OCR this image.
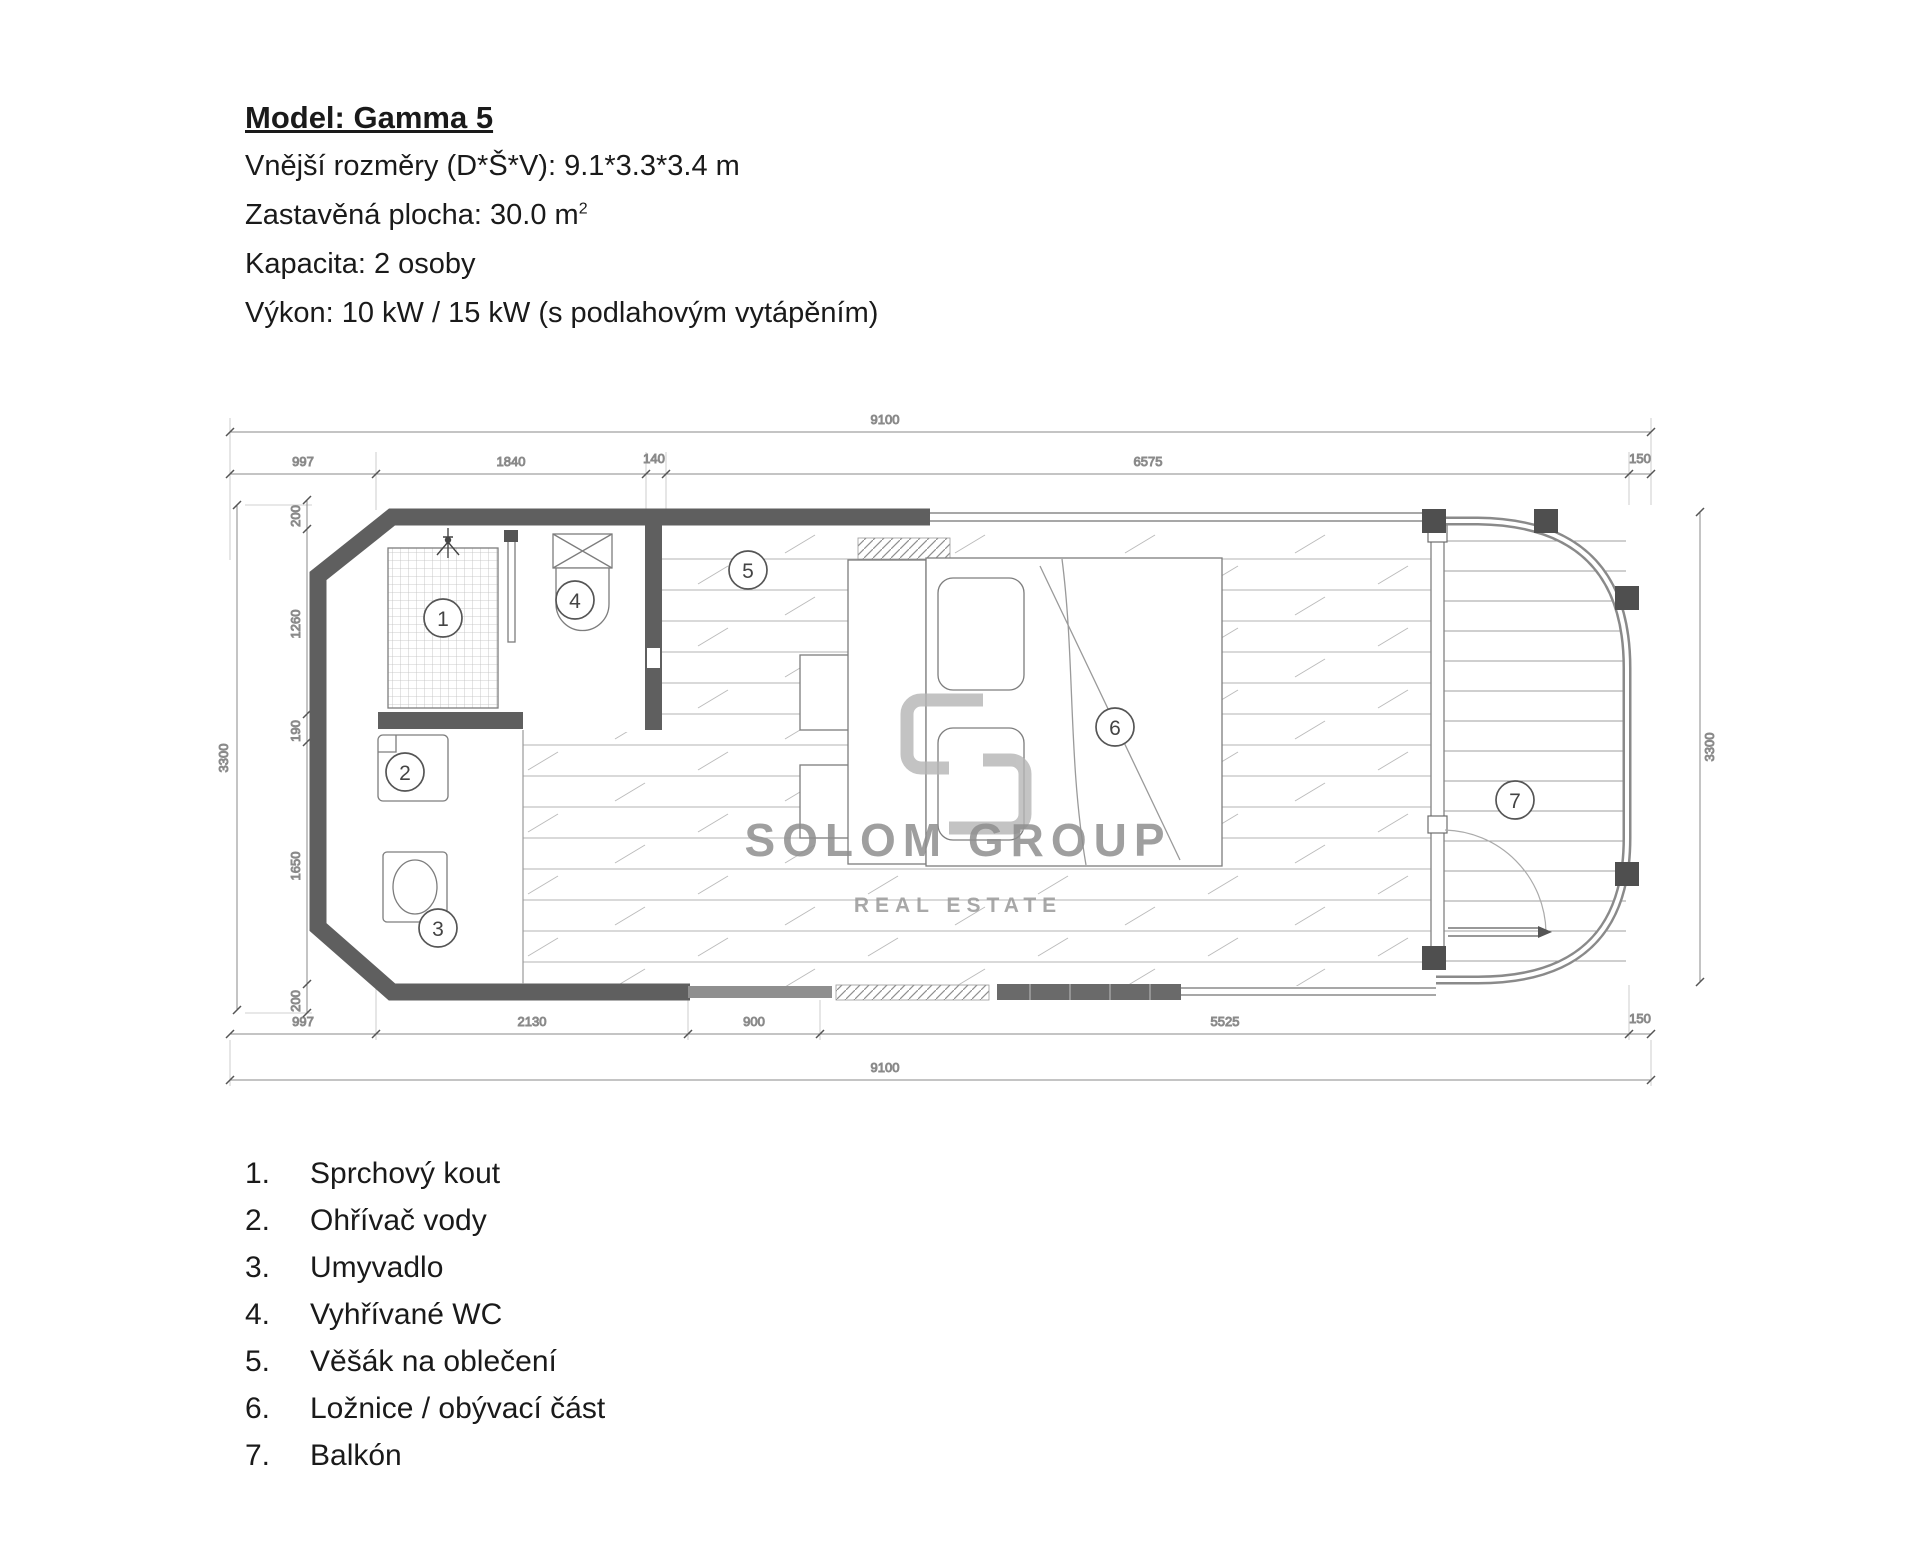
Model: Gamma 5
Vnější rozměry (D*Š*V): 9.1*3.3*3.4 m
Zastavěná plocha: 30.0 $m^2$
Kapacita: 2 osoby
Výkon: 10 kW / 15 kW (s podlahovým vytápěním)
9100
997	1840	140	6575	150
997	2130	900	5525	150
9100
3300
200
1260
190
1650
200
3300
1
2
3
4
5
6
7
SOLOM GROUP
REAL ESTATE
1.	Sprchový kout
2.	Ohřívač vody
3.	Umyvadlo
4.	Vyhřívané WC
5.	Věšák na oblečení
6.	Ložnice / obývací část
7.	Balkón
